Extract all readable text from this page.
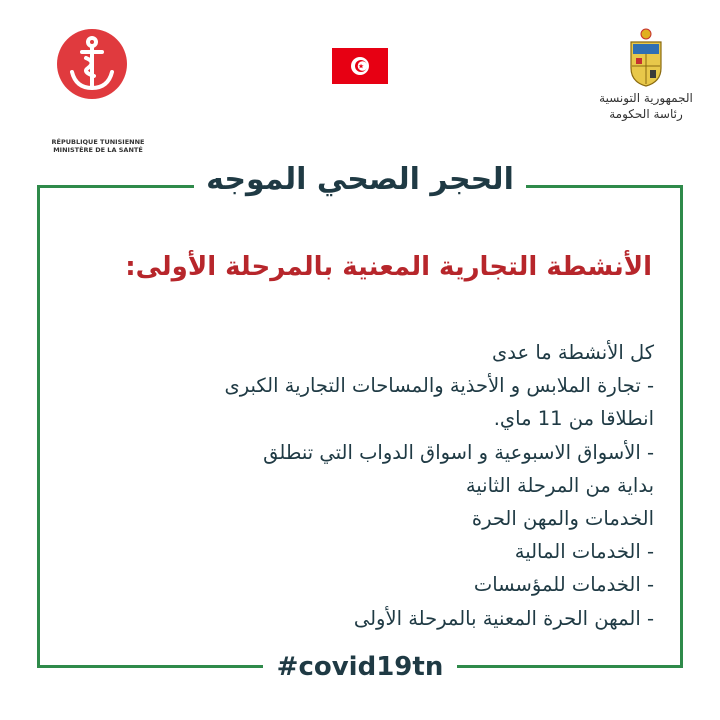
RÉPUBLIQUE TUNISIENNE
MINISTÈRE DE LA SANTÉ
الجمهورية التونسية
رئاسة الحكومة
الحجر الصحي الموجه
الأنشطة التجارية المعنية بالمرحلة الأولى:
كل الأنشطة ما عدى
- تجارة الملابس و الأحذية والمساحات التجارية الكبرى
انطلاقا من 11 ماي.
- الأسواق الاسبوعية و اسواق الدواب التي تنطلق
بداية من المرحلة الثانية
الخدمات والمهن الحرة
- الخدمات المالية
- الخدمات للمؤسسات
- المهن الحرة المعنية بالمرحلة الأولى
#covid19tn
